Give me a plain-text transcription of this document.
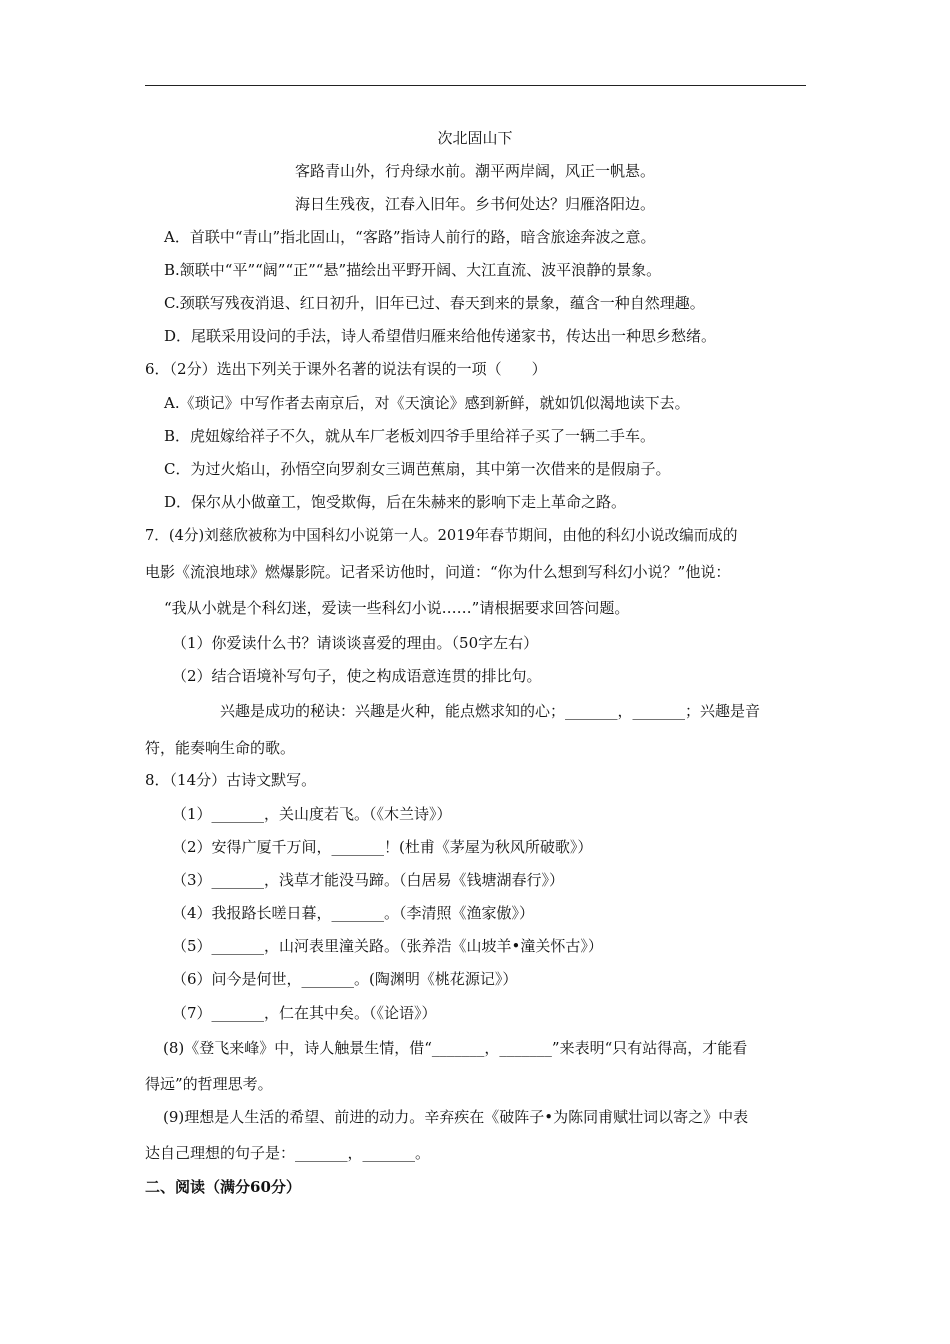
次北固山下
客路青山外，行舟绿水前。潮平两岸阔，风正一帆悬。
海日生残夜，江春入旧年。乡书何处达？归雁洛阳边。
A．首联中“青山”指北固山，“客路”指诗人前行的路，暗含旅途奔波之意。
B.颔联中“平”“阔”“正”“悬”描绘出平野开阔、大江直流、波平浪静的景象。
C.颈联写残夜消退、红日初升，旧年已过、春天到来的景象，蕴含一种自然理趣。
D．尾联采用设问的手法，诗人希望借归雁来给他传递家书，传达出一种思乡愁绪。
6．（2分）选出下列关于课外名著的说法有误的一项（　　）
A.《琐记》中写作者去南京后，对《天演论》感到新鲜，就如饥似渴地读下去。
B．虎妞嫁给祥子不久，就从车厂老板刘四爷手里给祥子买了一辆二手车。
C．为过火焰山，孙悟空向罗刹女三调芭蕉扇，其中第一次借来的是假扇子。
D．保尔从小做童工，饱受欺侮，后在朱赫来的影响下走上革命之路。
7．(4分)刘慈欣被称为中国科幻小说第一人。2019年春节期间，由他的科幻小说改编而成的
电影《流浪地球》燃爆影院。记者采访他时，问道：“你为什么想到写科幻小说？”他说：
“我从小就是个科幻迷，爱读一些科幻小说……”请根据要求回答问题。
（1）你爱读什么书？请谈谈喜爱的理由。（50字左右）
（2）结合语境补写句子，使之构成语意连贯的排比句。
兴趣是成功的秘诀：兴趣是火种，能点燃求知的心；_______，_______；兴趣是音
符，能奏响生命的歌。
8．（14分）古诗文默写。
（1）_______，关山度若飞。（《木兰诗》）
（2）安得广厦千万间，_______！(杜甫《茅屋为秋风所破歌》）
（3）_______，浅草才能没马蹄。（白居易《钱塘湖春行》）
（4）我报路长嗟日暮，_______。（李清照《渔家傲》）
（5）_______，山河表里潼关路。（张养浩《山坡羊•潼关怀古》）
（6）问今是何世，_______。(陶渊明《桃花源记》）
（7）_______，仁在其中矣。（《论语》）
(8)《登飞来峰》中，诗人触景生情，借“_______，_______”来表明“只有站得高，才能看
得远”的哲理思考。
(9)理想是人生活的希望、前进的动力。辛弃疾在《破阵子•为陈同甫赋壮词以寄之》中表
达自己理想的句子是：_______，_______。
二、阅读（满分60分）
